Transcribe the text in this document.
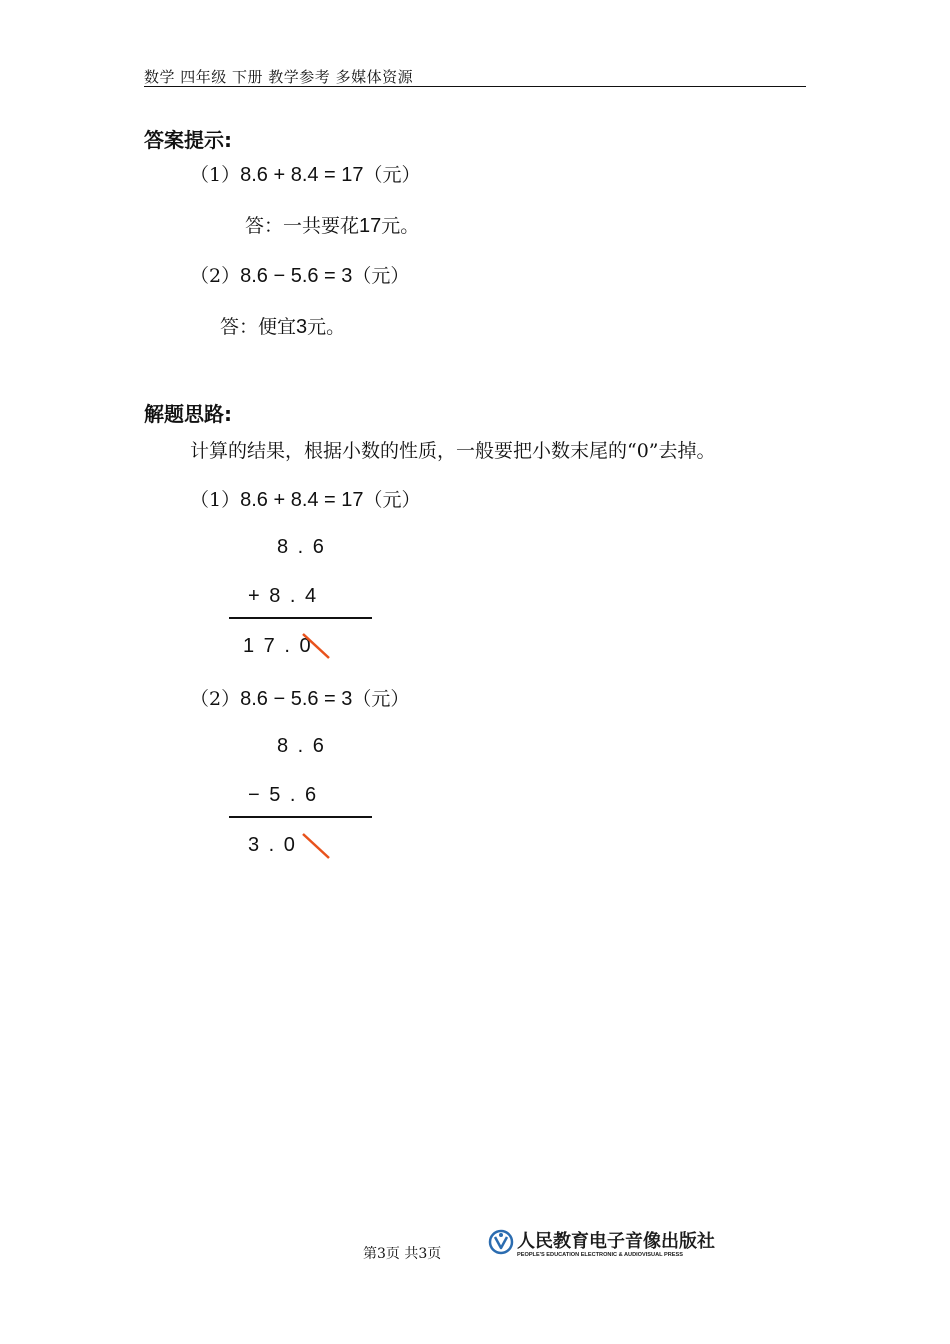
数学 四年级 下册 教学参考 多媒体资源
答案提示:
（1）8.6 + 8.4 = 17（元）
答：一共要花17元。
（2）8.6 − 5.6 = 3（元）
答：便宜3元。
解题思路:
计算的结果，根据小数的性质，一般要把小数末尾的“0”去掉。
（1）8.6 + 8.4 = 17（元）
8 . 6
+ 8 . 4
1 7 . 0
（2）8.6 − 5.6 = 3（元）
8 . 6
− 5 . 6
3 . 0
第3页 共3页
人民教育电子音像出版社
PEOPLE'S EDUCATION ELECTRONIC & AUDIOVISUAL PRESS
